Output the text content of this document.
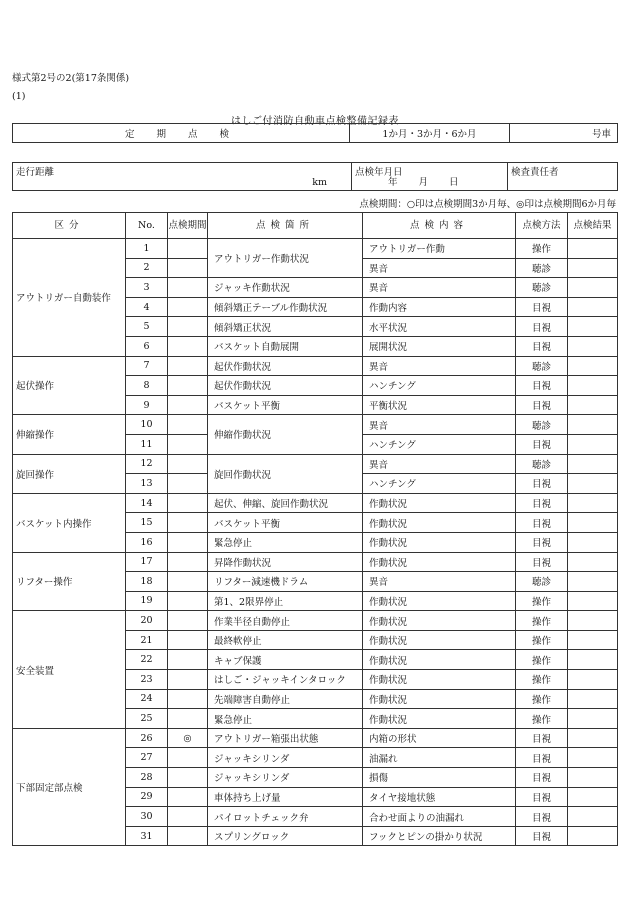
様式第2号の2(第17条関係)
(1)
はしご付消防自動車点検整備記録表
定期点検	1か月・3か月・6か月	号車
走行距離
km

点検年月日
年 月 日

検査責任者
点検期間：○印は点検期間3か月毎、◎印は点検期間6か月毎
区分	No.	点検期間	点検箇所	点検内容	点検方法	点検結果
アウトリガー自動装作	1		アウトリガー作動状況	アウトリガー作動	操作	
	2			異音	聴診	
	3		ジャッキ作動状況	異音	聴診	
	4		傾斜矯正テーブル作動状況	作動内容	目視	
	5		傾斜矯正状況	水平状況	目視	
	6		バスケット自動展開	展開状況	目視	
起伏操作	7		起伏作動状況	異音	聴診	
	8		起伏作動状況	ハンチング	目視	
	9		バスケット平衡	平衡状況	目視	
伸縮操作	10		伸縮作動状況	異音	聴診	
	11			ハンチング	目視	
旋回操作	12		旋回作動状況	異音	聴診	
	13			ハンチング	目視	
バスケット内操作	14		起伏、伸縮、旋回作動状況	作動状況	目視	
	15		バスケット平衡	作動状況	目視	
	16		緊急停止	作動状況	目視	
リフター操作	17		昇降作動状況	作動状況	目視	
	18		リフター減速機ドラム	異音	聴診	
	19		第1、2限界停止	作動状況	操作	
安全装置	20		作業半径自動停止	作動状況	操作	
	21		最終軟停止	作動状況	操作	
	22		キャブ保護	作動状況	操作	
	23		はしご・ジャッキインタロック	作動状況	操作	
	24		先端障害自動停止	作動状況	操作	
	25		緊急停止	作動状況	操作	
下部固定部点検	26	◎	アウトリガー箱張出状態	内箱の形状	目視	
	27		ジャッキシリンダ	油漏れ	目視	
	28		ジャッキシリンダ	損傷	目視	
	29		車体持ち上げ量	タイヤ接地状態	目視	
	30		パイロットチェック弁	合わせ面よりの油漏れ	目視	
	31		スプリングロック	フックとピンの掛かり状況	目視	
